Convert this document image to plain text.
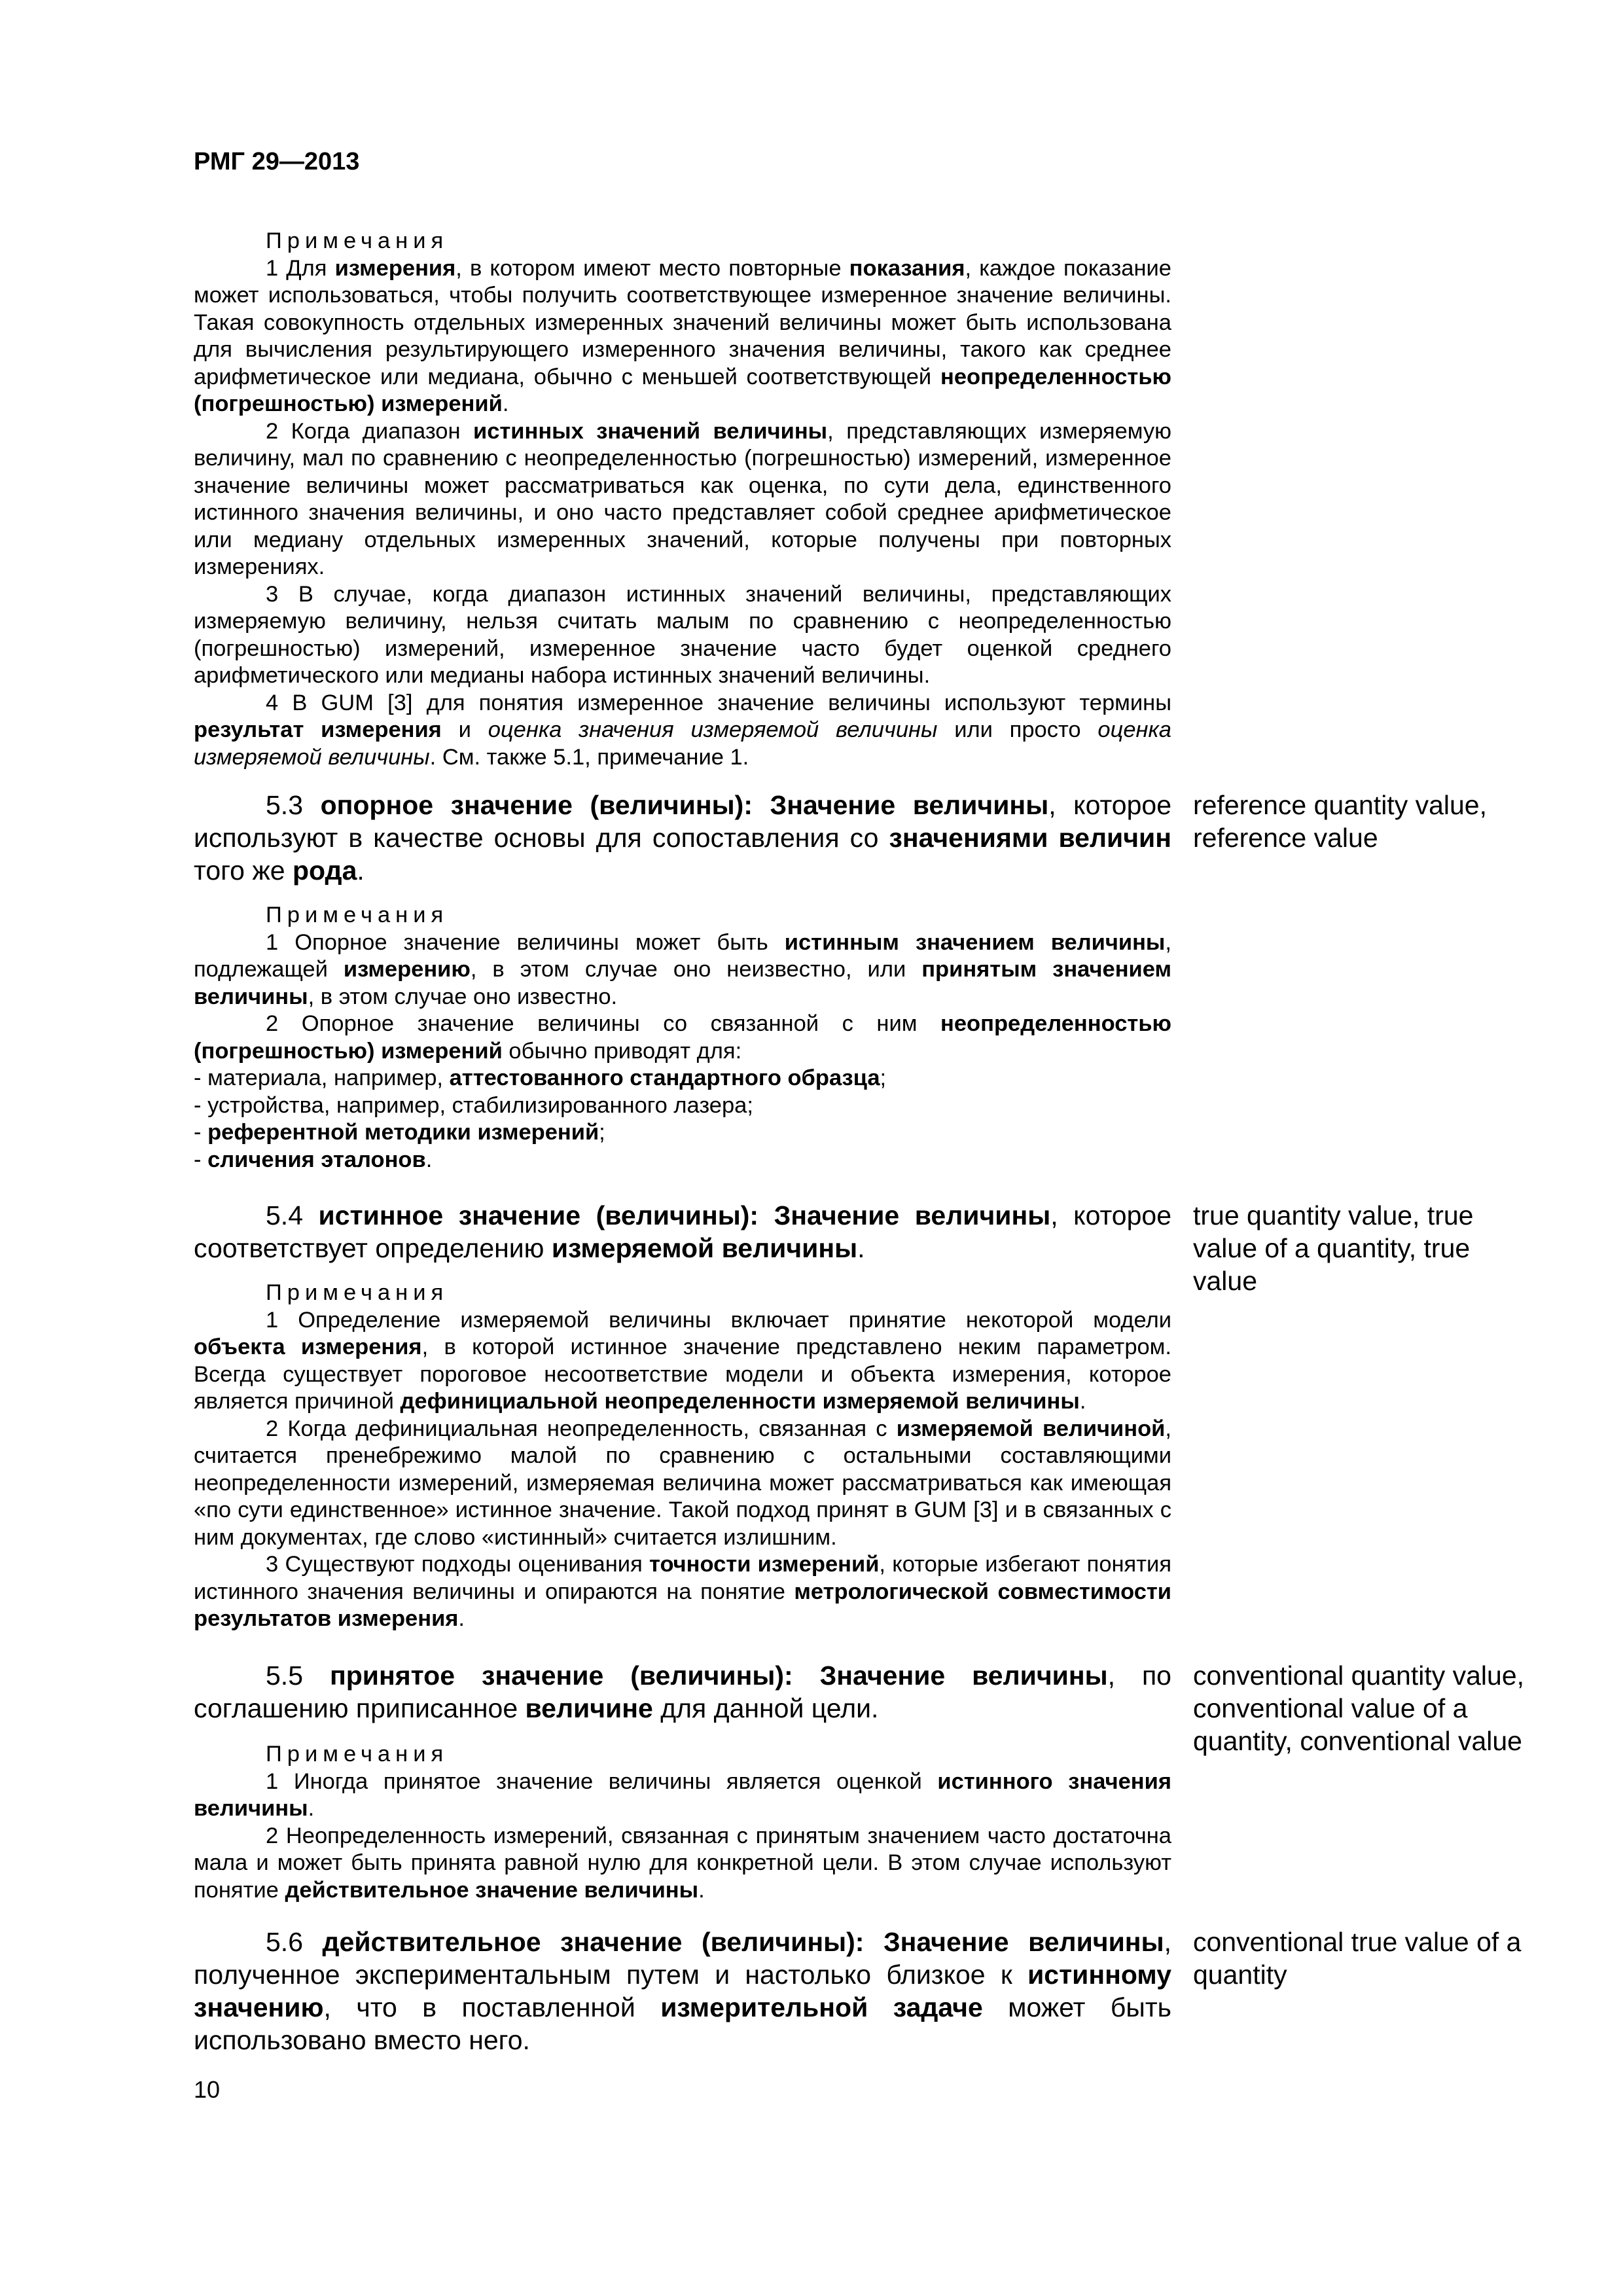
РМГ 29—2013

Примечания

1 Для измерения, в котором имеют место повторные показания, каждое показание может использоваться, чтобы получить соответствующее измеренное значение величины. Такая совокупность отдельных измеренных значений величины может быть использована для вычисления результирующего измеренного значения величины, такого как среднее арифметическое или медиана, обычно с меньшей соответствующей неопределенностью (погрешностью) измерений.

2 Когда диапазон истинных значений величины, представляющих измеряемую величину, мал по сравнению с неопределенностью (погрешностью) измерений, измеренное значение величины может рассматриваться как оценка, по сути дела, единственного истинного значения величины, и оно часто представляет собой среднее арифметическое или медиану отдельных измеренных значений, которые получены при повторных измерениях.

3 В случае, когда диапазон истинных значений величины, представляющих измеряемую величину, нельзя считать малым по сравнению с неопределенностью (погрешностью) измерений, измеренное значение часто будет оценкой среднего арифметического или медианы набора истинных значений величины.

4 В GUM [3] для понятия измеренное значение величины используют термины результат измерения и оценка значения измеряемой величины или просто оценка измеряемой величины. См. также 5.1, примечание 1.

5.3 опорное значение (величины): Значение величины, которое используют в качестве основы для сопоставления со значениями величин того же рода.

reference quantity value, reference value

Примечания

1 Опорное значение величины может быть истинным значением величины, подлежащей измерению, в этом случае оно неизвестно, или принятым значением величины, в этом случае оно известно.

2 Опорное значение величины со связанной с ним неопределенностью (погрешностью) измерений обычно приводят для:

- материала, например, аттестованного стандартного образца;

- устройства, например, стабилизированного лазера;

- референтной методики измерений;

- сличения эталонов.

5.4 истинное значение (величины): Значение величины, которое соответствует определению измеряемой величины.

true quantity value, true value of a quantity, true value

Примечания

1 Определение измеряемой величины включает принятие некоторой модели объекта измерения, в которой истинное значение представлено неким параметром. Всегда существует пороговое несоответствие модели и объекта измерения, которое является причиной дефинициальной неопределенности измеряемой величины.

2 Когда дефинициальная неопределенность, связанная с измеряемой величиной, считается пренебрежимо малой по сравнению с остальными составляющими неопределенности измерений, измеряемая величина может рассматриваться как имеющая «по сути единственное» истинное значение. Такой подход принят в GUM [3] и в связанных с ним документах, где слово «истинный» считается излишним.

3 Существуют подходы оценивания точности измерений, которые избегают понятия истинного значения величины и опираются на понятие метрологической совместимости результатов измерения.

5.5 принятое значение (величины): Значение величины, по соглашению приписанное величине для данной цели.

conventional quantity value, conventional value of a quantity, conventional value

Примечания

1 Иногда принятое значение величины является оценкой истинного значения величины.

2 Неопределенность измерений, связанная с принятым значением часто достаточна мала и может быть принята равной нулю для конкретной цели. В этом случае используют понятие действительное значение величины.

5.6 действительное значение (величины): Значение величины, полученное экспериментальным путем и настолько близкое к истинному значению, что в поставленной измерительной задаче может быть использовано вместо него.

conventional true value of a quantity
10
